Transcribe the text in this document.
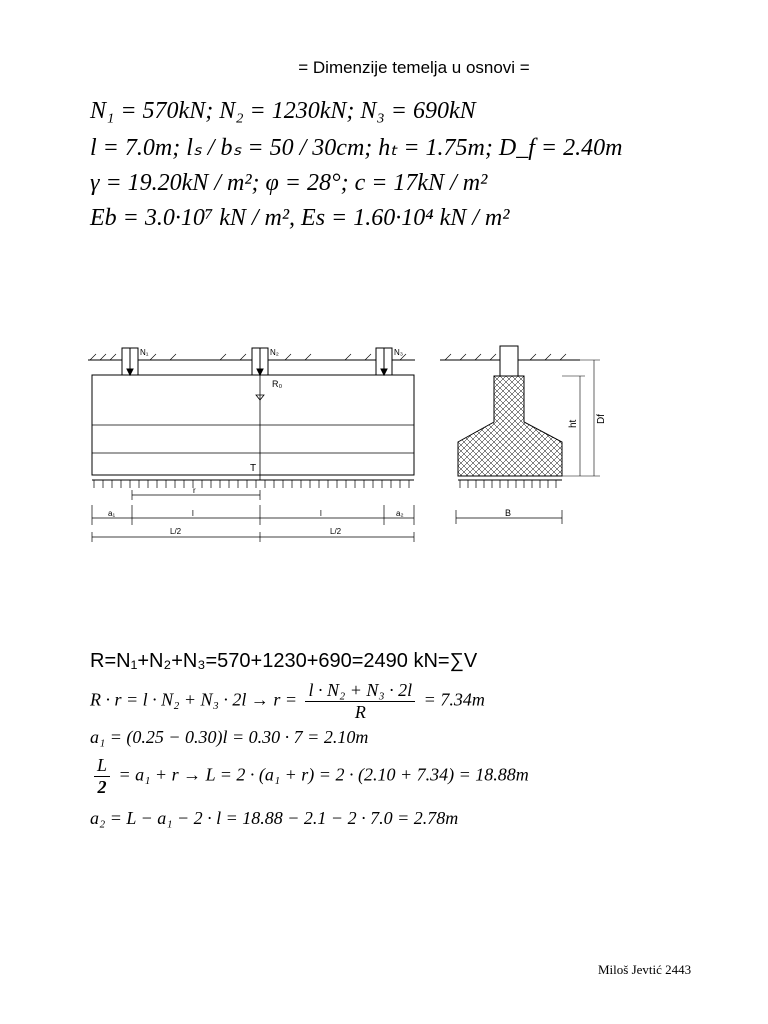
= Dimenzije temelja u osnovi =
N₁ = 570kN; N₂ = 1230kN; N₃ = 690kN
l = 7.0m; lₛ / bₛ = 50 / 30cm; hₜ = 1.75m; D_f = 2.40m
γ = 19.20kN / m²; φ = 28°; c = 17kN / m²
Eb = 3.0·10⁷ kN / m², Es = 1.60·10⁴ kN / m²
N₁	N₂	N₃
R₀
T
r
a₁	l	l	a₂
L/2	L/2
ht Df
B
R=N₁+N₂+N₃=570+1230+690=2490 kN=∑V
$R \cdot r = l \cdot N_2 + N_3 \cdot 2l \to r = \frac{\text{l · N₂ + N₃ · 2l}}{R} = 7.34m$
a₁ = (0.25 − 0.30)l = 0.30 · 7 = 2.10m
$\frac{L}{2} = a_1 + r \to L = 2 \cdot (a_1 + r) = 2 \cdot (2.10 + 7.34) = 18.88m$
a₂ = L − a₁ − 2 · l = 18.88 − 2.1 − 2 · 7.0 = 2.78m
Miloš Jevtić 2443
